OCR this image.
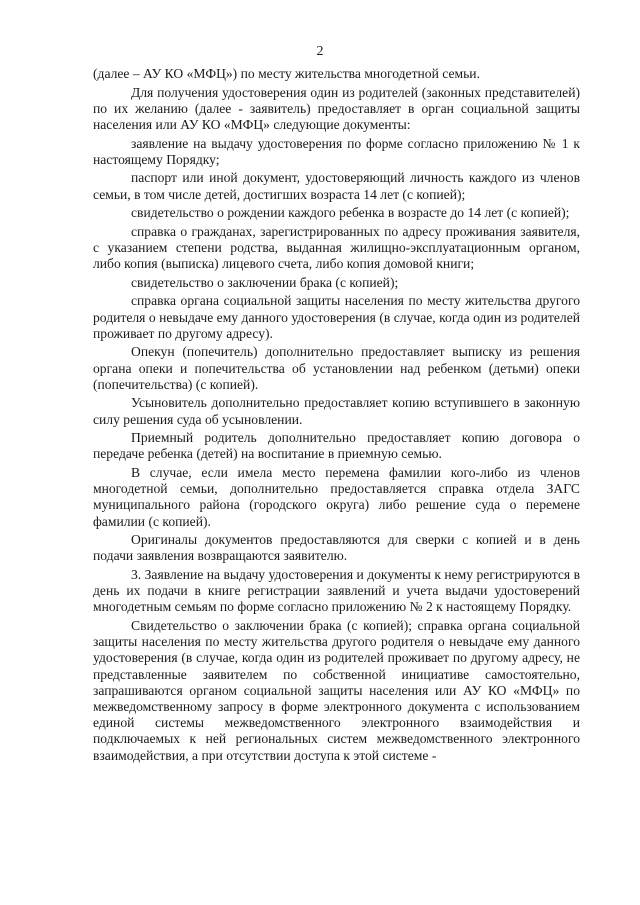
2

(далее – АУ КО «МФЦ») по месту жительства многодетной семьи.

Для получения удостоверения один из родителей (законных представителей) по их желанию (далее - заявитель) предоставляет в орган социальной защиты населения или АУ КО «МФЦ» следующие документы:

заявление на выдачу удостоверения по форме согласно приложению № 1 к настоящему Порядку;

паспорт или иной документ, удостоверяющий личность каждого из членов семьи, в том числе детей, достигших возраста 14 лет (с копией);

свидетельство о рождении каждого ребенка в возрасте до 14 лет (с копией);

справка о гражданах, зарегистрированных по адресу проживания заявителя, с указанием степени родства, выданная жилищно-эксплуатационным органом, либо копия (выписка) лицевого счета, либо копия домовой книги;

свидетельство о заключении брака (с копией);

справка органа социальной защиты населения по месту жительства другого родителя о невыдаче ему данного удостоверения (в случае, когда один из родителей проживает по другому адресу).

Опекун (попечитель) дополнительно предоставляет выписку из решения органа опеки и попечительства об установлении над ребенком (детьми) опеки (попечительства) (с копией).

Усыновитель дополнительно предоставляет копию вступившего в законную силу решения суда об усыновлении.

Приемный родитель дополнительно предоставляет копию договора о передаче ребенка (детей) на воспитание в приемную семью.

В случае, если имела место перемена фамилии кого-либо из членов многодетной семьи, дополнительно предоставляется справка отдела ЗАГС муниципального района (городского округа) либо решение суда о перемене фамилии (с копией).

Оригиналы документов предоставляются для сверки с копией и в день подачи заявления возвращаются заявителю.

3. Заявление на выдачу удостоверения и документы к нему регистрируются в день их подачи в книге регистрации заявлений и учета выдачи удостоверений многодетным семьям по форме согласно приложению № 2 к настоящему Порядку.

Свидетельство о заключении брака (с копией); справка органа социальной защиты населения по месту жительства другого родителя о невыдаче ему данного удостоверения (в случае, когда один из родителей проживает по другому адресу, не представленные заявителем по собственной инициативе самостоятельно, запрашиваются органом социальной защиты населения или АУ КО «МФЦ» по межведомственному запросу в форме электронного документа с использованием единой системы межведомственного электронного взаимодействия и подключаемых к ней региональных систем межведомственного электронного взаимодействия, а при отсутствии доступа к этой системе -
